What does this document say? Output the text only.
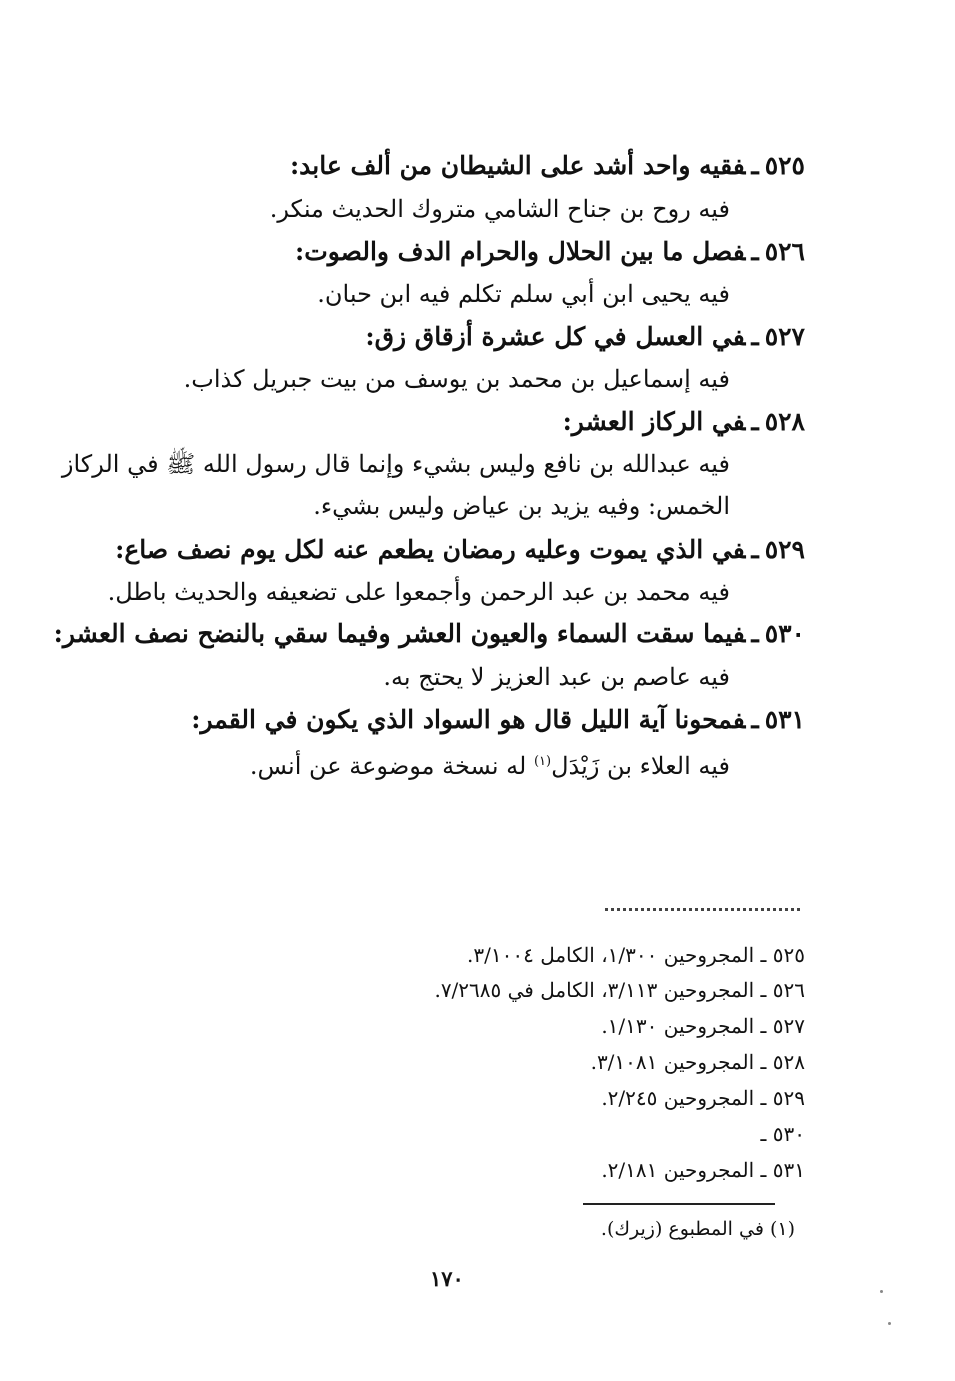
٥٢٥ـفقيه واحد أشد على الشيطان من ألف عابد:
فيه روح بن جناح الشامي متروك الحديث منكر.
٥٢٦ـفصل ما بين الحلال والحرام الدف والصوت:
فيه يحيى ابن أبي سلم تكلم فيه ابن حبان.
٥٢٧ـفي العسل في كل عشرة أزقاق زق:
فيه إسماعيل بن محمد بن يوسف من بيت جبريل كذاب.
٥٢٨ـفي الركاز العشر:
فيه عبدالله بن نافع وليس بشيء وإنما قال رسول الله ﷺ في الركاز
الخمس: وفيه يزيد بن عياض وليس بشيء.
٥٢٩ـفي الذي يموت وعليه رمضان يطعم عنه لكل يوم نصف صاع:
فيه محمد بن عبد الرحمن وأجمعوا على تضعيفه والحديث باطل.
٥٣٠ـفيما سقت السماء والعيون العشر وفيما سقي بالنضح نصف العشر:
فيه عاصم بن عبد العزيز لا يحتج به.
٥٣١ـفمحونا آية الليل قال هو السواد الذي يكون في القمر:
فيه العلاء بن زَيْدَل$^{(١)}$ له نسخة موضوعة عن أنس.
٥٢٥ ـ المجروحين ١/٣٠٠، الكامل ٣/١٠٠٤.
٥٢٦ ـ المجروحين ٣/١١٣، الكامل في ٧/٢٦٨٥.
٥٢٧ ـ المجروحين ١/١٣٠.
٥٢٨ ـ المجروحين ٣/١٠٨١.
٥٢٩ ـ المجروحين ٢/٢٤٥.
٥٣٠ ـ
٥٣١ ـ المجروحين ٢/١٨١.
(١) في المطبوع (زيرك).
١٧٠
